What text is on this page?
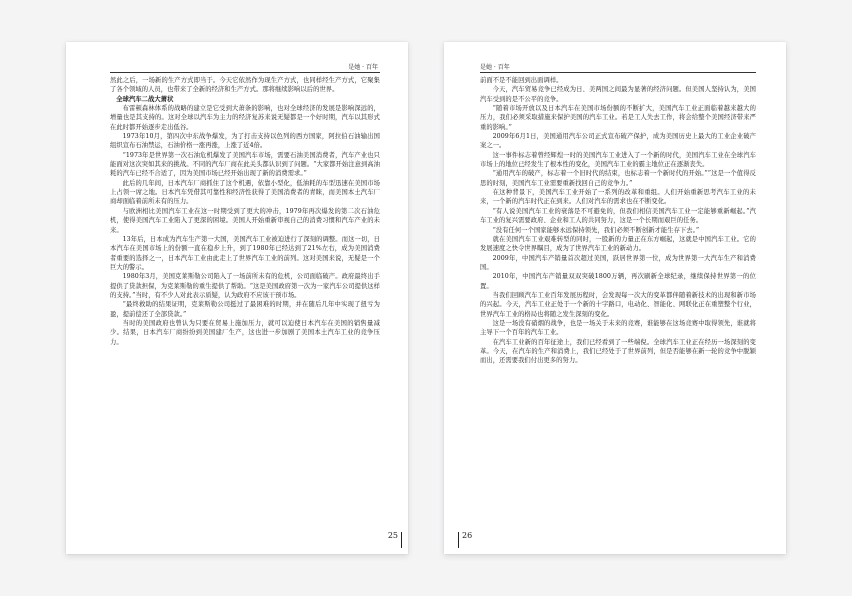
是她 · 百年

然此之后，一场新的生产方式即当于。今天它依然作为现生产方式，也同样经生产方式，它聚集了各个领域的人员，也带来了全新的经济和生产方式。那将继续影响以后的世界。

全球汽车二战大萧状

布雷顿森林体系的战略的建立是它受到大萧条的影响，也对全球经济的发展是影响深远的，增量也是其支持的。这对全球以汽车为主力的经济复苏来说无疑都是一个好时期，汽车以其形式在此时都开始逐步走出低谷。

1973年10月，第四次中东战争爆发，为了打击支持以色列的西方国家，阿拉伯石油输出国组织宣布石油禁运，石油价格一涨再涨，上涨了近4倍。

“1973年是世界第一次石油危机爆发了美国汽车市场，需要石油美国消费者，汽车产业也只能面对这次突如其来的挑战。不同的汽车厂商在此关头都认识到了问题。“大家都开始注意到高油耗的汽车已经不合适了，因为美国市场已经开始出现了新的消费需求。”

此后的几年间，日本汽车厂商抓住了这个机遇，依靠小型化，低油耗的车型迅速在美国市场上占领一席之地。日本汽车凭借其可靠性和经济性获得了美国消费者的青睐，而美国本土汽车厂商却面临着前所未有的压力。

与欧洲相比美国汽车工业在这一时期受到了更大的冲击，1979年再次爆发的第二次石油危机，使得美国汽车工业陷入了更深的困境。美国人开始重新审视自己的消费习惯和汽车产业的未来。

13年后，日本成为汽车生产第一大国，美国汽车工业被迫进行了深刻的调整。而这一切，日本汽车在美国市场上的份额一直在稳步上升，到了1980年已经达到了21%左右，成为美国消费者重要的选择之一，日本汽车工业由此走上了世界汽车工业的前列。这对美国来说，无疑是一个巨大的警示。

1980年3月，美国克莱斯勒公司陷入了一场前所未有的危机，公司面临破产。政府最终出手提供了贷款担保，为克莱斯勒的重生提供了帮助。“这是美国政府第一次为一家汽车公司提供这样的支持。”当时，有不少人对此表示质疑，认为政府不应该干预市场。

“最终救助的结果证明，克莱斯勒公司挺过了最困难的时期，并在随后几年中实现了扭亏为盈，提前偿还了全部贷款。”

当时的美国政府也曾认为只要在贸易上施加压力，就可以迫使日本汽车在美国的销售量减少。结果，日本汽车厂商纷纷到美国建厂生产，这也进一步加剧了美国本土汽车工业的竞争压力。

25
是她 · 百年

前面不是不能回到出面调样。

今天，汽车贸易竞争已经成为日、美两国之间最为显著的经济问题。但美国人坚持认为，美国汽车受到的是不公平的竞争。

“随着市场开放以及日本汽车在美国市场份额的不断扩大，美国汽车工业正面临着越来越大的压力，我们必须采取措施来保护美国的汽车工业。若是工人失去工作，将会给整个美国经济带来严重的影响。”

2009年6月1日，美国通用汽车公司正式宣布破产保护，成为美国历史上最大的工业企业破产案之一。

这一事件标志着曾经辉煌一时的美国汽车工业进入了一个新的时代，美国汽车工业在全球汽车市场上的地位已经发生了根本性的变化，美国汽车工业的霸主地位正在逐渐丧失。

“通用汽车的破产，标志着一个旧时代的结束，也标志着一个新时代的开始。”“这是一个值得反思的时刻，美国汽车工业需要重新找回自己的竞争力。”

在这种背景下，美国汽车工业开始了一系列的改革和重组。人们开始重新思考汽车工业的未来，一个新的汽车时代正在到来。人们对汽车的需求也在不断变化。

“有人说美国汽车工业的衰落是不可避免的，但我们相信美国汽车工业一定能够重新崛起。”汽车工业的复兴需要政府、企业和工人的共同努力，这是一个长期而艰巨的任务。

“没有任何一个国家能够永远保持领先，我们必须不断创新才能生存下去。”

就在美国汽车工业艰难转型的同时，一股新的力量正在东方崛起，这就是中国汽车工业。它的发展速度之快令世界瞩目，成为了世界汽车工业的新动力。

2009年，中国汽车产销量首次超过美国，跃居世界第一位，成为世界第一大汽车生产和消费国。

2010年，中国汽车产销量双双突破1800万辆，再次刷新全球纪录，继续保持世界第一的位置。

当我们回顾汽车工业百年发展历程时，会发现每一次大的变革都伴随着新技术的出现和新市场的兴起。今天，汽车工业正处于一个新的十字路口，电动化、智能化、网联化正在重塑整个行业，世界汽车工业的格局也将随之发生深刻的变化。

这是一场没有硝烟的战争，也是一场关于未来的竞赛，谁能够在这场竞赛中取得领先，谁就将主导下一个百年的汽车工业。

在汽车工业新的百年征途上，我们已经看到了一些端倪。全球汽车工业正在经历一场深刻的变革。今天，在汽车的生产和消费上，我们已经处于了世界前列，但是否能够在新一轮的竞争中脱颖而出，还需要我们付出更多的努力。

26
